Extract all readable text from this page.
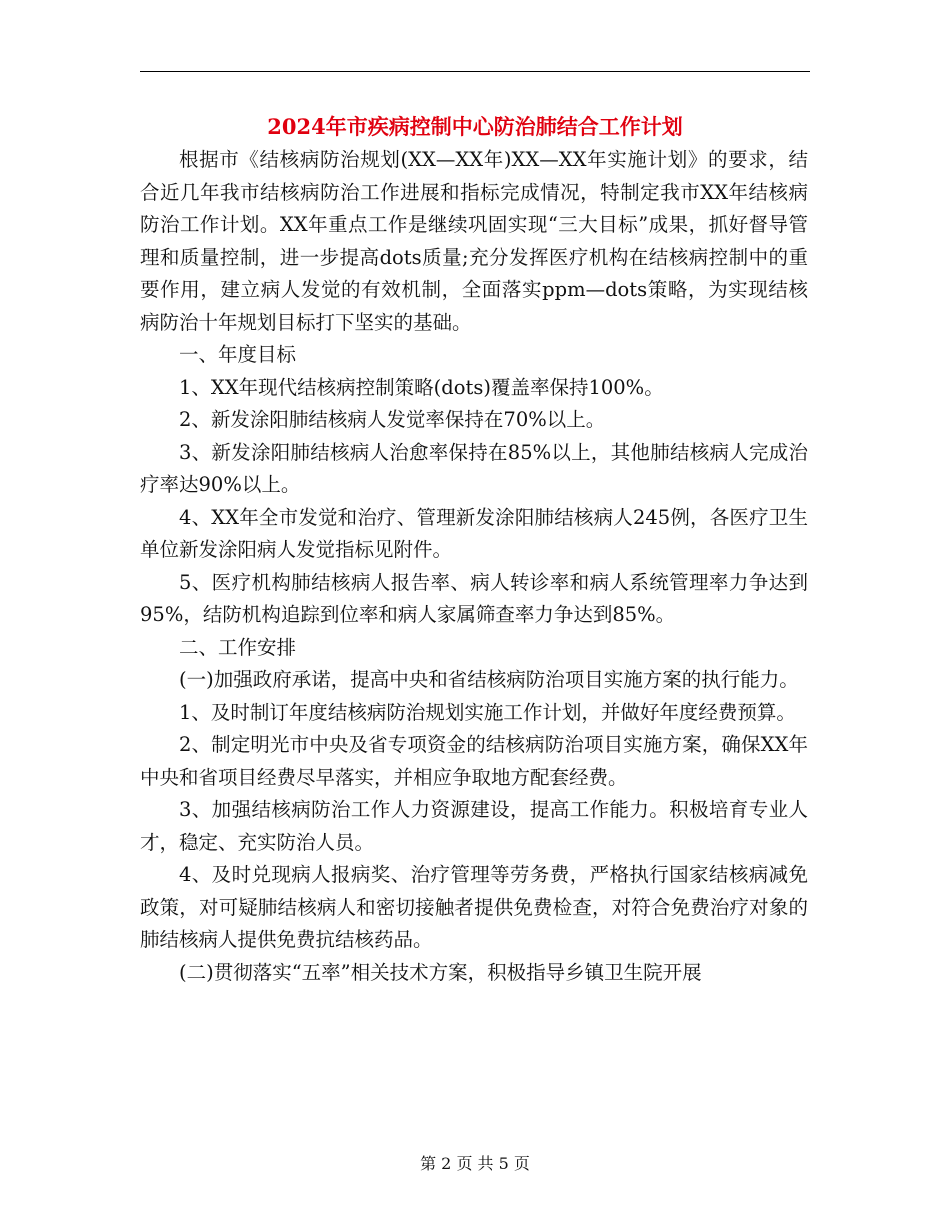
2024年市疾病控制中心防治肺结合工作计划

根据市《结核病防治规划(XX—XX年)XX—XX年实施计划》的要求，结合近几年我市结核病防治工作进展和指标完成情况，特制定我市XX年结核病防治工作计划。XX年重点工作是继续巩固实现“三大目标”成果，抓好督导管理和质量控制，进一步提高dots质量;充分发挥医疗机构在结核病控制中的重要作用，建立病人发觉的有效机制，全面落实ppm—dots策略，为实现结核病防治十年规划目标打下坚实的基础。

一、年度目标

1、XX年现代结核病控制策略(dots)覆盖率保持100%。

2、新发涂阳肺结核病人发觉率保持在70%以上。

3、新发涂阳肺结核病人治愈率保持在85%以上，其他肺结核病人完成治疗率达90%以上。

4、XX年全市发觉和治疗、管理新发涂阳肺结核病人245例，各医疗卫生单位新发涂阳病人发觉指标见附件。

5、医疗机构肺结核病人报告率、病人转诊率和病人系统管理率力争达到95%，结防机构追踪到位率和病人家属筛查率力争达到85%。

二、工作安排

(一)加强政府承诺，提高中央和省结核病防治项目实施方案的执行能力。

1、及时制订年度结核病防治规划实施工作计划，并做好年度经费预算。

2、制定明光市中央及省专项资金的结核病防治项目实施方案，确保XX年中央和省项目经费尽早落实，并相应争取地方配套经费。

3、加强结核病防治工作人力资源建设，提高工作能力。积极培育专业人才，稳定、充实防治人员。

4、及时兑现病人报病奖、治疗管理等劳务费，严格执行国家结核病减免政策，对可疑肺结核病人和密切接触者提供免费检查，对符合免费治疗对象的肺结核病人提供免费抗结核药品。

(二)贯彻落实“五率”相关技术方案，积极指导乡镇卫生院开展

第 2 页 共 5 页
